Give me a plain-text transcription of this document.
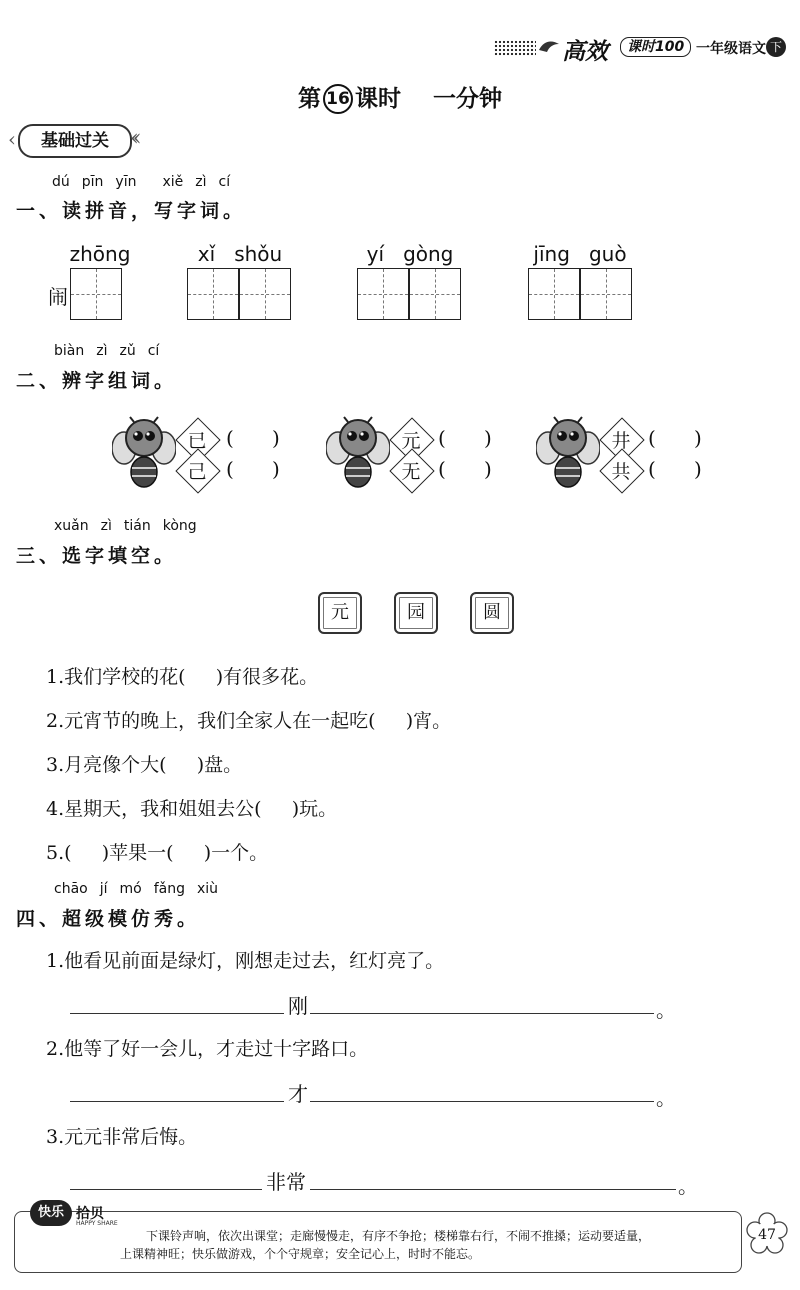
高效	课时100 一年级语文 下
第 16 课时 一分钟
‹	基础过关 ‹‹
dú pīn yīn xiě zì cí
一、读拼音，写字词。
zhōng
闹
xǐ   shǒu	yí   gòng	jīng   guò
biàn zì zǔ cí
二、辨字组词。
已
己
(      )
(      )
元
无
(      )
(      )
井
共
(      )
(      )
xuǎn zì tián kòng
三、选字填空。
元	园	圆
1.我们学校的花(     )有很多花。
2.元宵节的晚上，我们全家人在一起吃(     )宵。
3.月亮像个大(     )盘。
4.星期天，我和姐姐去公(     )玩。
5.(     )苹果一(     )一个。
chāo jí mó fǎng xiù
四、超级模仿秀。
1.他看见前面是绿灯，刚想走过去，红灯亮了。
刚	。
2.他等了好一会儿，才走过十字路口。
才	。
3.元元非常后悔。
非常	。
快乐 拾贝
HAPPY SHARE
下课铃声响，依次出课堂；走廊慢慢走，有序不争抢；楼梯靠右行，不闹不推搡；运动要适量，
上课精神旺；快乐做游戏，个个守规章；安全记心上，时时不能忘。
47
